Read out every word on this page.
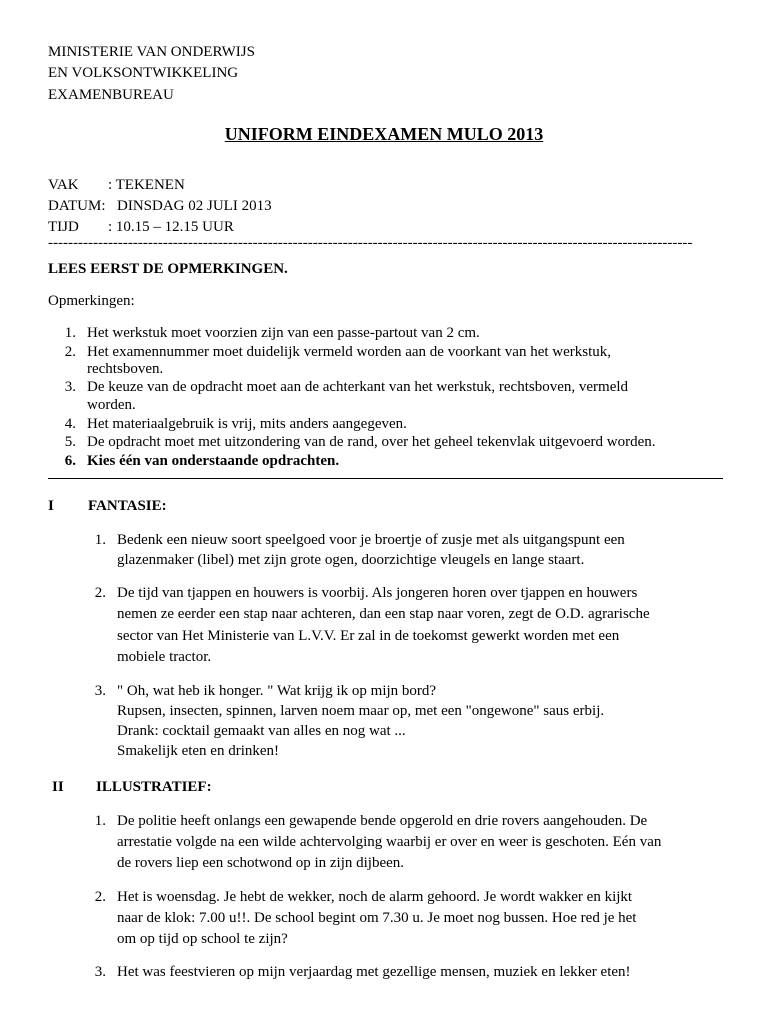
MINISTERIE VAN ONDERWIJS
EN VOLKSONTWIKKELING
EXAMENBUREAU
UNIFORM EINDEXAMEN MULO 2013
VAK : TEKENEN
DATUM: DINSDAG 02 JULI 2013
TIJD : 10.15 – 12.15 UUR
---------------------------------------------------------------------------------------------------------------------------------
LEES EERST DE OPMERKINGEN.
Opmerkingen:
1. Het werkstuk moet voorzien zijn van een passe-partout van 2 cm.
2. Het examennummer moet duidelijk vermeld worden aan de voorkant van het werkstuk,
rechtsboven.
3. De keuze van de opdracht moet aan de achterkant van het werkstuk, rechtsboven, vermeld
worden.
4. Het materiaalgebruik is vrij, mits anders aangegeven.
5. De opdracht moet met uitzondering van de rand, over het geheel tekenvlak uitgevoerd worden.
6. Kies één van onderstaande opdrachten.
I FANTASIE:
1. Bedenk een nieuw soort speelgoed voor je broertje of zusje met als uitgangspunt een
glazenmaker (libel) met zijn grote ogen, doorzichtige vleugels en lange staart.
2. De tijd van tjappen en houwers is voorbij. Als jongeren horen over tjappen en houwers
nemen ze eerder een stap naar achteren, dan een stap naar voren, zegt de O.D. agrarische
sector van Het Ministerie van L.V.V. Er zal in de toekomst gewerkt worden met een
mobiele tractor.
3. " Oh, wat heb ik honger. " Wat krijg ik op mijn bord?
Rupsen, insecten, spinnen, larven noem maar op, met een "ongewone" saus erbij.
Drank: cocktail gemaakt van alles en nog wat ...
Smakelijk eten en drinken!
II ILLUSTRATIEF:
1. De politie heeft onlangs een gewapende bende opgerold en drie rovers aangehouden. De
arrestatie volgde na een wilde achtervolging waarbij er over en weer is geschoten. Eén van
de rovers liep een schotwond op in zijn dijbeen.
2. Het is woensdag. Je hebt de wekker, noch de alarm gehoord. Je wordt wakker en kijkt
naar de klok: 7.00 u!!. De school begint om 7.30 u. Je moet nog bussen. Hoe red je het
om op tijd op school te zijn?
3. Het was feestvieren op mijn verjaardag met gezellige mensen, muziek en lekker eten!
